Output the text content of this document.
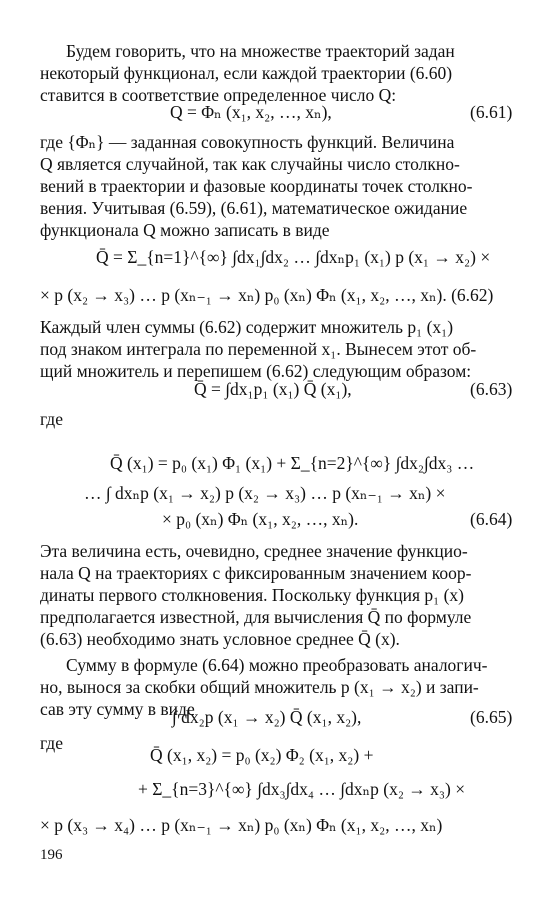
Будем говорить, что на множестве траекторий задан
некоторый функционал, если каждой траектории (6.60)
ставится в соответствие определенное число Q:
Q = Φₙ (x₁, x₂, …, xₙ),	(6.61)
где {Φₙ} — заданная совокупность функций. Величина
Q является случайной, так как случайны число столкно-
вений в траектории и фазовые координаты точек столкно-
вения. Учитывая (6.59), (6.61), математическое ожидание
функционала Q можно записать в виде
Q̄ = Σ_{n=1}^{∞} ∫dx₁∫dx₂ … ∫dxₙp₁ (x₁) p (x₁ → x₂) ×
× p (x₂ → x₃) … p (xₙ₋₁ → xₙ) p₀ (xₙ) Φₙ (x₁, x₂, …, xₙ). (6.62)
Каждый член суммы (6.62) содержит множитель p₁ (x₁)
под знаком интеграла по переменной x₁. Вынесем этот об-
щий множитель и перепишем (6.62) следующим образом:
Q̄ = ∫dx₁p₁ (x₁) Q̄ (x₁),	(6.63)
где
Q̄ (x₁) = p₀ (x₁) Φ₁ (x₁) + Σ_{n=2}^{∞} ∫dx₂∫dx₃ …
… ∫ dxₙp (x₁ → x₂) p (x₂ → x₃) … p (xₙ₋₁ → xₙ) ×
× p₀ (xₙ) Φₙ (x₁, x₂, …, xₙ).	(6.64)
Эта величина есть, очевидно, среднее значение функцио-
нала Q на траекториях с фиксированным значением коор-
динаты первого столкновения. Поскольку функция p₁ (x)
предполагается известной, для вычисления Q̄ по формуле
(6.63) необходимо знать условное среднее Q̄ (x).
Сумму в формуле (6.64) можно преобразовать аналогич-
но, вынося за скобки общий множитель p (x₁ → x₂) и запи-
сав эту сумму в виде
∫ dx₂p (x₁ → x₂) Q̄ (x₁, x₂),	(6.65)
где
Q̄ (x₁, x₂) = p₀ (x₂) Φ₂ (x₁, x₂) +
+ Σ_{n=3}^{∞} ∫dx₃∫dx₄ … ∫dxₙp (x₂ → x₃) ×
× p (x₃ → x₄) … p (xₙ₋₁ → xₙ) p₀ (xₙ) Φₙ (x₁, x₂, …, xₙ)
196
